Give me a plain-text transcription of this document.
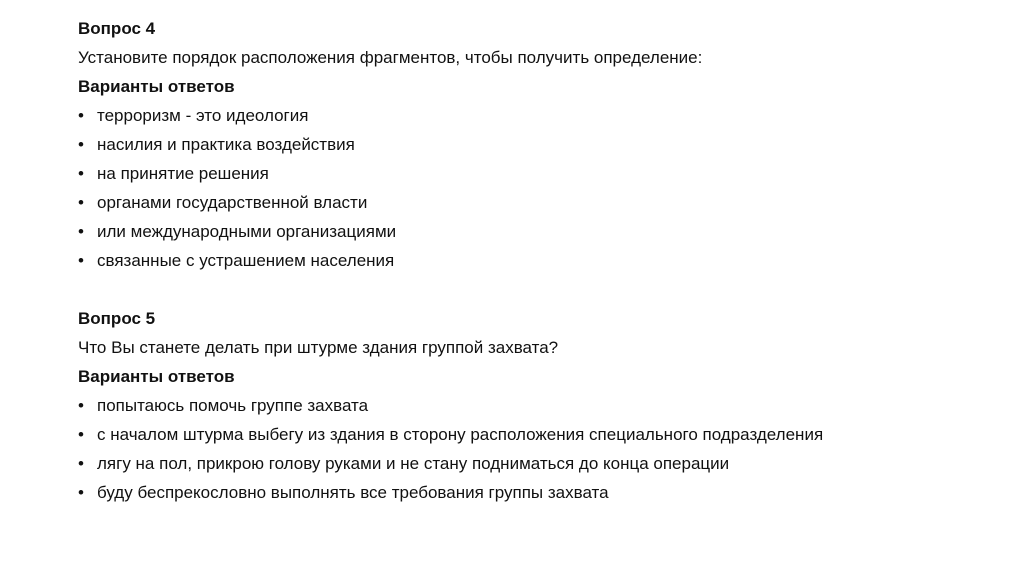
Вопрос 4
Установите порядок расположения фрагментов, чтобы получить определение:
Варианты ответов
• терроризм - это идеология
• насилия и практика воздействия
• на принятие решения
• органами государственной власти
• или международными организациями
• связанные с устрашением населения
Вопрос 5
Что Вы станете делать при штурме здания группой захвата?
Варианты ответов
• попытаюсь помочь группе захвата
• с началом штурма выбегу из здания в сторону расположения специального подразделения
• лягу на пол, прикрою голову руками и не стану подниматься до конца операции
• буду беспрекословно выполнять все требования группы захвата
